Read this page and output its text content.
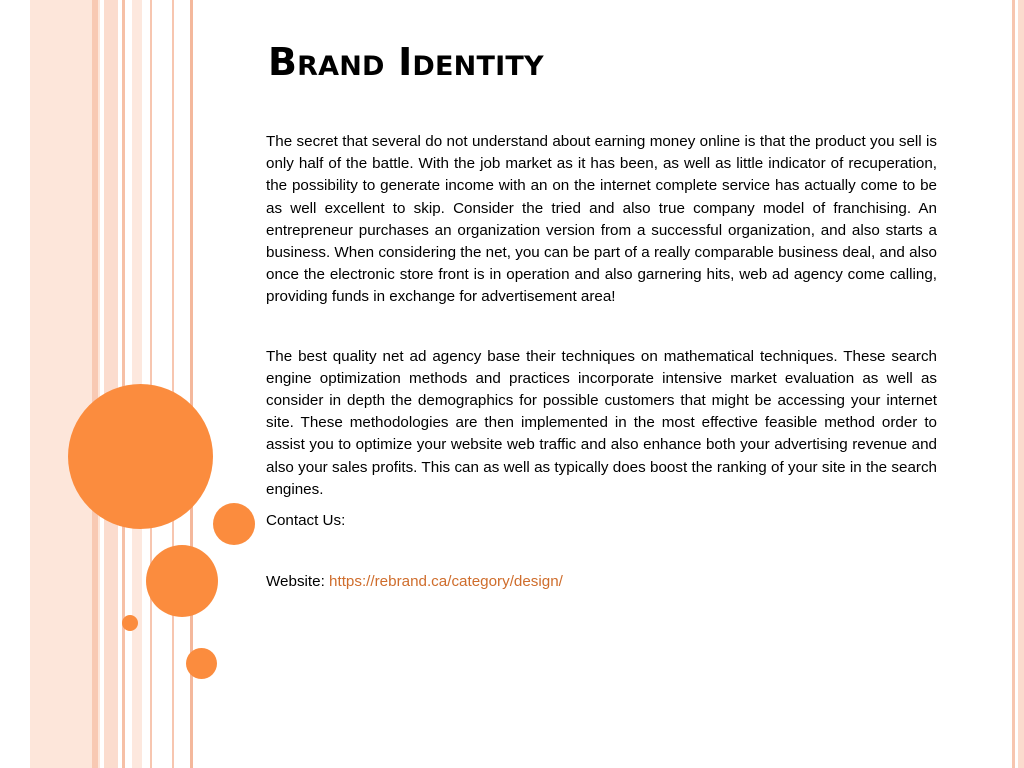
Brand Identity

The secret that several do not understand about earning money online is that the product you sell is only half of the battle. With the job market as it has been, as well as little indicator of recuperation, the possibility to generate income with an on the internet complete service has actually come to be as well excellent to skip. Consider the tried and also true company model of franchising. An entrepreneur purchases an organization version from a successful organization, and also starts a business. When considering the net, you can be part of a really comparable business deal, and also once the electronic store front is in operation and also garnering hits, web ad agency come calling, providing funds in exchange for advertisement area!

The best quality net ad agency base their techniques on mathematical techniques. These search engine optimization methods and practices incorporate intensive market evaluation as well as consider in depth the demographics for possible customers that might be accessing your internet site. These methodologies are then implemented in the most effective feasible method order to assist you to optimize your website web traffic and also enhance both your advertising revenue and also your sales profits. This can as well as typically does boost the ranking of your site in the search engines.

Contact Us:

Website: https://rebrand.ca/category/design/
